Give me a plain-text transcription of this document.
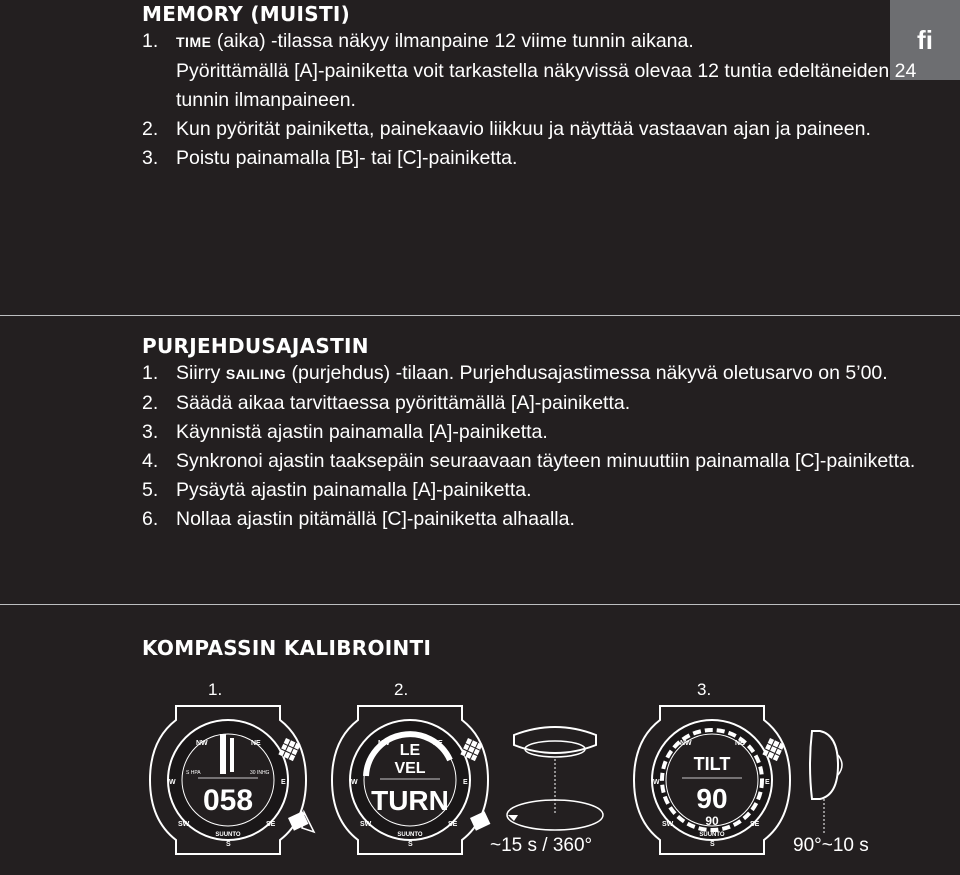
fi
MEMORY (MUISTI)
1. TIME (aika) -tilassa näkyy ilmanpaine 12 viime tunnin aikana.
Pyörittämällä [A]-painiketta voit tarkastella näkyvissä olevaa 12 tuntia edeltäneiden 24 tunnin ilmanpaineen.
2. Kun pyörität painiketta, painekaavio liikkuu ja näyttää vastaavan ajan ja paineen.
3. Poistu painamalla [B]- tai [C]-painiketta.
PURJEHDUSAJASTIN
1. Siirry SAILING (purjehdus) -tilaan. Purjehdusajastimessa näkyvä oletusarvo on 5’00.
2. Säädä aikaa tarvittaessa pyörittämällä [A]-painiketta.
3. Käynnistä ajastin painamalla [A]-painiketta.
4. Synkronoi ajastin taaksepäin seuraavaan täyteen minuuttiin painamalla [C]-painiketta.
5. Pysäytä ajastin painamalla [A]-painiketta.
6. Nollaa ajastin pitämällä [C]-painiketta alhaalla.
KOMPASSIN KALIBROINTI
1.	2.	3.
NW	NE
W	E
SW	SE
S
S HPA	30 INHG
058
SUUNTO
NW	NE
W	E
SW	SE
S
LE
VEL
TURN
SUUNTO
NW	NE
W	E
SW	SE
S
TILT
90
90
SUUNTO
~15 s / 360°	90°~10 s
